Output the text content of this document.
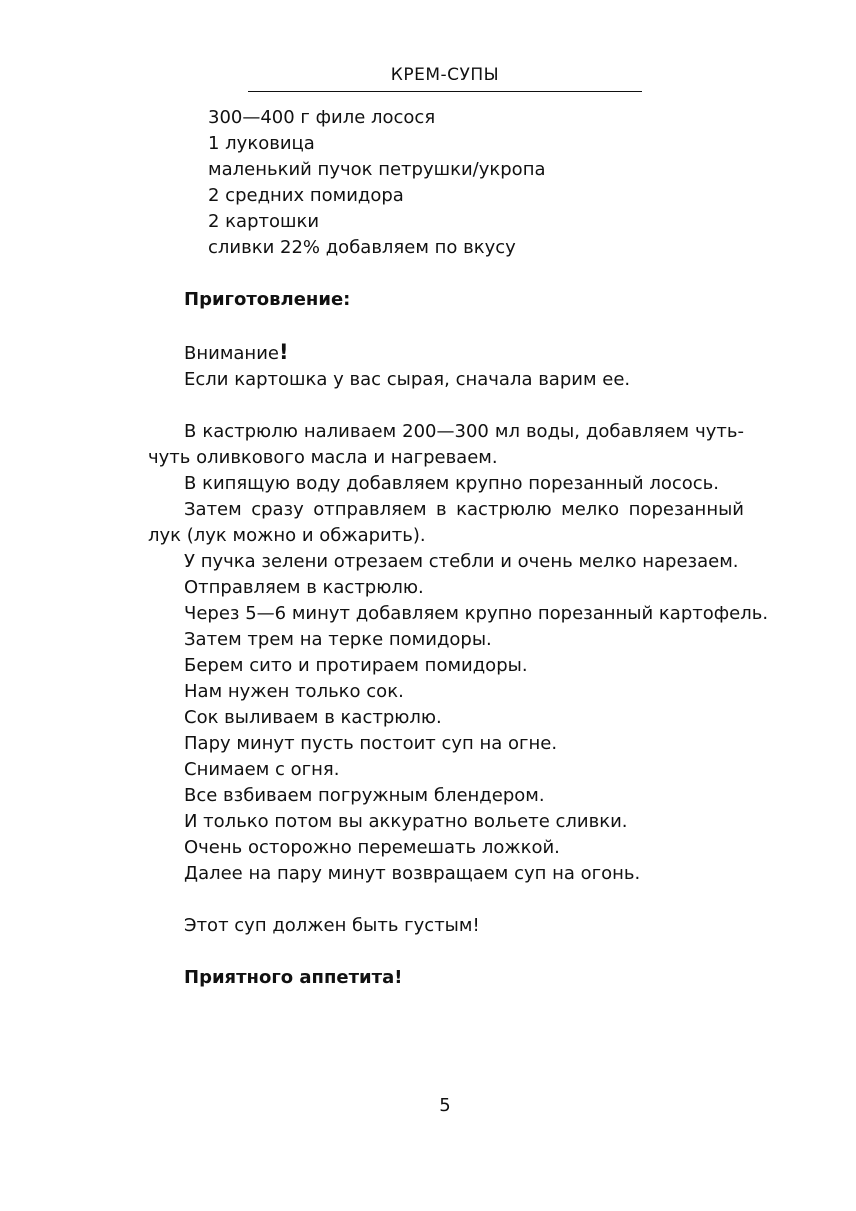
КРЕМ-СУПЫ
300—400 г филе лосося
1 луковица
маленький пучок петрушки/укропа
2 средних помидора
2 картошки
сливки 22% добавляем по вкусу

Приготовление:

Внимание!

Если картошка у вас сырая, сначала варим ее.

В кастрюлю наливаем 200—300 мл воды, добавляем чуть-чуть оливкового масла и нагреваем.

В кипящую воду добавляем крупно порезанный лосось.

Затем сразу отправляем в кастрюлю мелко порезанный лук (лук можно и обжарить).

У пучка зелени отрезаем стебли и очень мелко нарезаем.

Отправляем в кастрюлю.

Через 5—6 минут добавляем крупно порезанный картофель.

Затем трем на терке помидоры.

Берем сито и протираем помидоры.

Нам нужен только сок.

Сок выливаем в кастрюлю.

Пару минут пусть постоит суп на огне.

Снимаем с огня.

Все взбиваем погружным блендером.

И только потом вы аккуратно вольете сливки.

Очень осторожно перемешать ложкой.

Далее на пару минут возвращаем суп на огонь.

Этот суп должен быть густым!

Приятного аппетита!

5
